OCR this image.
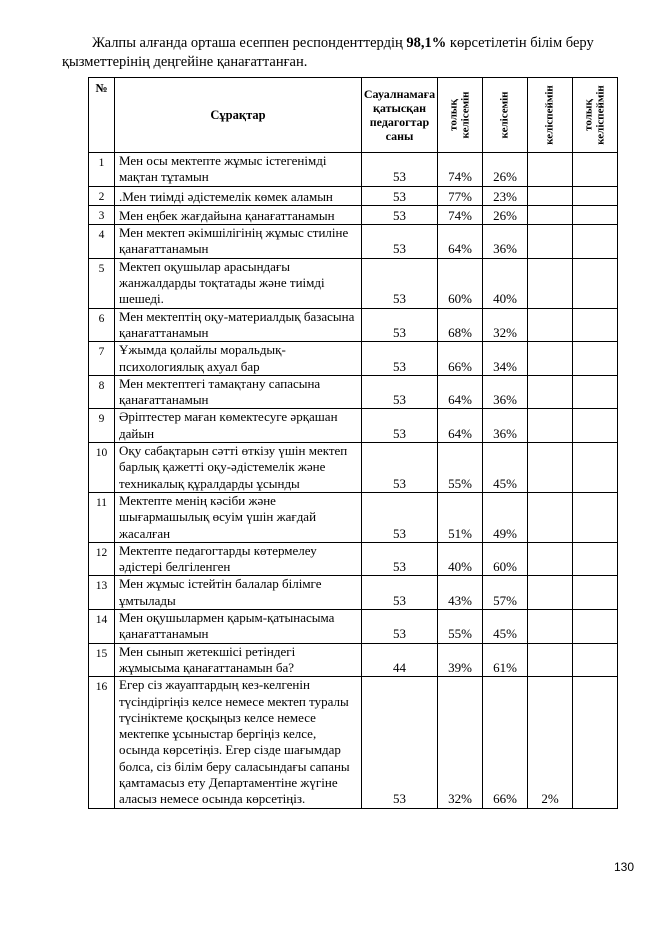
Жалпы алғанда орташа есеппен респонденттердің 98,1% көрсетілетін білім беру қызметтерінің деңгейіне қанағаттанған.
№	Сұрақтар	Сауалнамаға қатысқан педагогтар саны	толық келісемін	келісемін	келіспеймін	толық келіспеймін

1	Мен осы мектепте жұмыс істегенімді мақтан тұтамын	53	74%	26%		
2	.Мен тиімді әдістемелік көмек аламын	53	77%	23%		
3	Мен еңбек жағдайына қанағаттанамын	53	74%	26%		
4	Мен мектеп әкімшілігінің жұмыс стиліне қанағаттанамын	53	64%	36%		
5	Мектеп оқушылар арасындағы жанжалдарды тоқтатады және тиімді шешеді.	53	60%	40%		
6	Мен мектептің оқу-материалдық базасына қанағаттанамын	53	68%	32%		
7	Ұжымда қолайлы моральдық-психологиялық ахуал бар	53	66%	34%		
8	Мен мектептегі тамақтану сапасына қанағаттанамын	53	64%	36%		
9	Әріптестер маған көмектесуге әрқашан дайын	53	64%	36%		
10	Оқу сабақтарын сәтті өткізу үшін мектеп барлық қажетті оқу-әдістемелік және техникалық құралдарды ұсынды	53	55%	45%		
11	Мектепте менің кәсіби және шығармашылық өсуім үшін жағдай жасалған	53	51%	49%		
12	Мектепте педагогтарды көтермелеу әдістері белгіленген	53	40%	60%		
13	Мен жұмыс істейтін балалар білімге ұмтылады	53	43%	57%		
14	Мен оқушылармен қарым-қатынасыма қанағаттанамын	53	55%	45%		
15	Мен сынып жетекшісі ретіндегі жұмысыма қанағаттанамын ба?	44	39%	61%		
16	Егер сіз жауаптардың кез-келгенін түсіндіргіңіз келсе немесе мектеп туралы түсініктеме қосқыңыз келсе немесе мектепке ұсыныстар бергіңіз келсе, осында көрсетіңіз. Егер сізде шағымдар болса, сіз білім беру саласындағы сапаны қамтамасыз ету Департаментіне жүгіне аласыз немесе осында көрсетіңіз.	53	32%	66%	2%	
130
